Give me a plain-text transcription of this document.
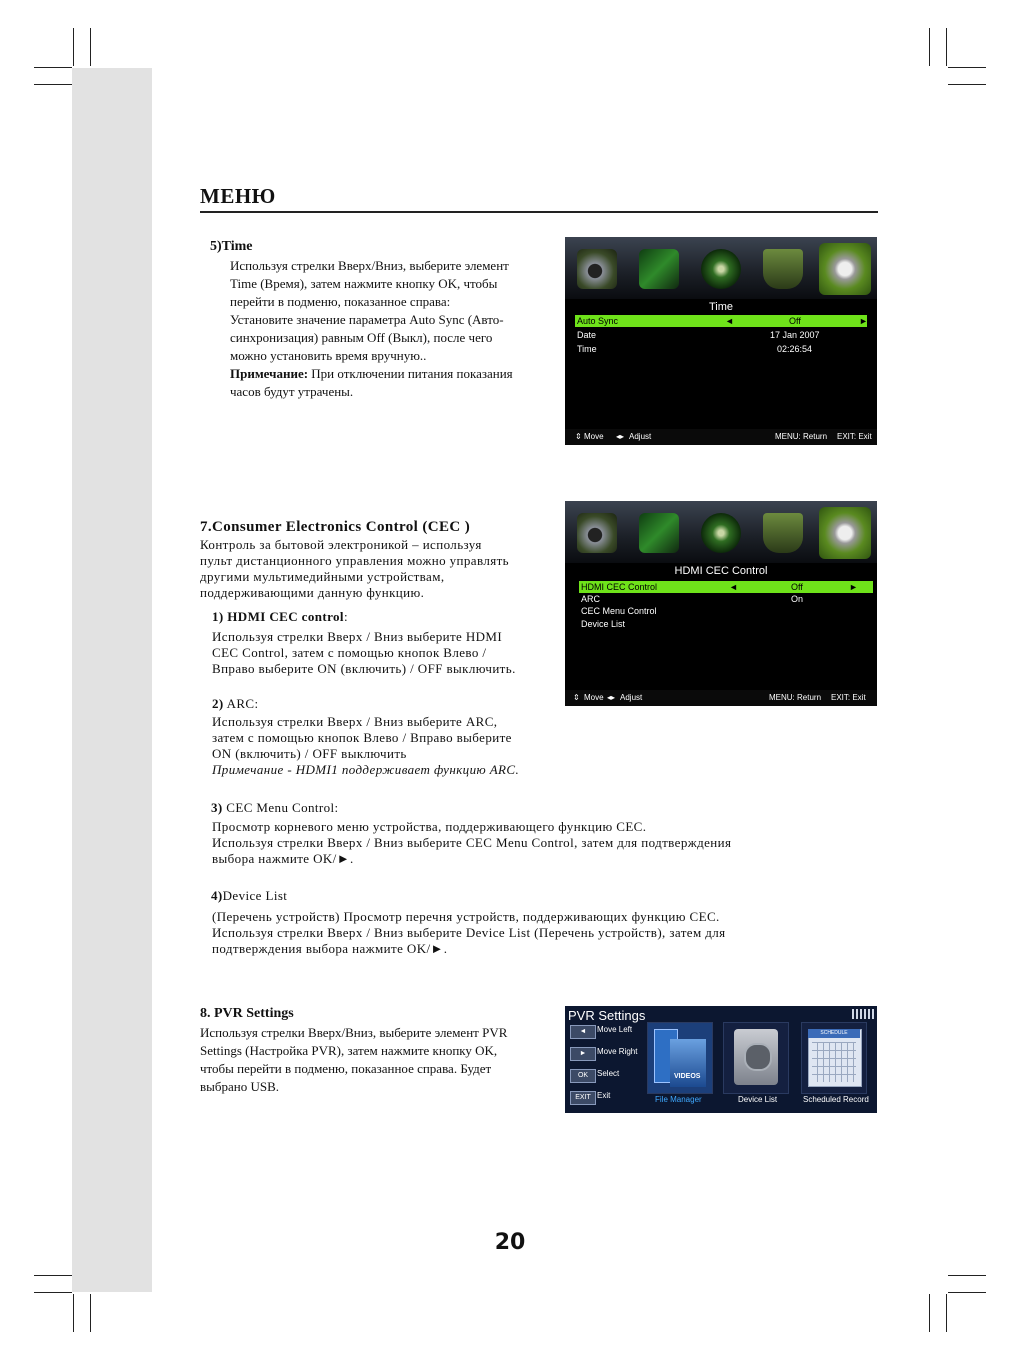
МЕНЮ
5)Time
Используя стрелки Вверх/Вниз, выберите элемент
Time (Время), затем нажмите кнопку OK, чтобы
перейти в подменю, показанное справа:
Установите значение параметра Auto Sync (Авто-
синхронизация) равным Off (Выкл), после чего
можно установить время вручную..
Примечание: При отключении питания показания
часов будут утрачены.
Time
Auto Sync	◄	Off	►
Date	17 Jan 2007
Time	02:26:54
⇕ Move ◂▸ Adjust	MENU: Return EXIT: Exit
7.Consumer Electronics Control (CEC )
Контроль за бытовой электроникой – используя
пульт дистанционного управления можно управлять
другими мультимедийными устройствам,
поддерживающими данную функцию.
1) HDMI CEC control:
Используя стрелки Вверх / Вниз выберите HDMI
CEC Control, затем с помощью кнопок Влево /
Вправо выберите ON (включить) / OFF выключить.
2) ARC:
Используя стрелки Вверх / Вниз выберите ARC,
затем с помощью кнопок Влево / Вправо выберите
ON (включить) / OFF выключить
Примечание - HDMI1 поддерживает функцию ARC.
3) CEC Menu Control:
Просмотр корневого меню устройства, поддерживающего функцию CEC.
Используя стрелки Вверх / Вниз выберите CEC Menu Control, затем для подтверждения
выбора нажмите OK/►.
4)Device List
(Перечень устройств) Просмотр перечня устройств, поддерживающих функцию CEC.
Используя стрелки Вверх / Вниз выберите Device List (Перечень устройств), затем для
подтверждения выбора нажмите OK/►.
HDMI CEC Control
HDMI CEC Control	◄	Off	►
ARC	On
CEC Menu Control
Device List
⇕ Move ◂▸ Adjust	MENU: Return EXIT: Exit
8. PVR Settings
Используя стрелки Вверх/Вниз, выберите элемент PVR
Settings (Настройка PVR), затем нажмите кнопку OK,
чтобы перейти в подменю, показанное справа. Будет
выбрано USB.
PVR Settings
◄	Move Left
►	Move Right
OK	Select
EXIT Exit
VIDEOS
SCHEDULE
File Manager	Device List	Scheduled Record
20
